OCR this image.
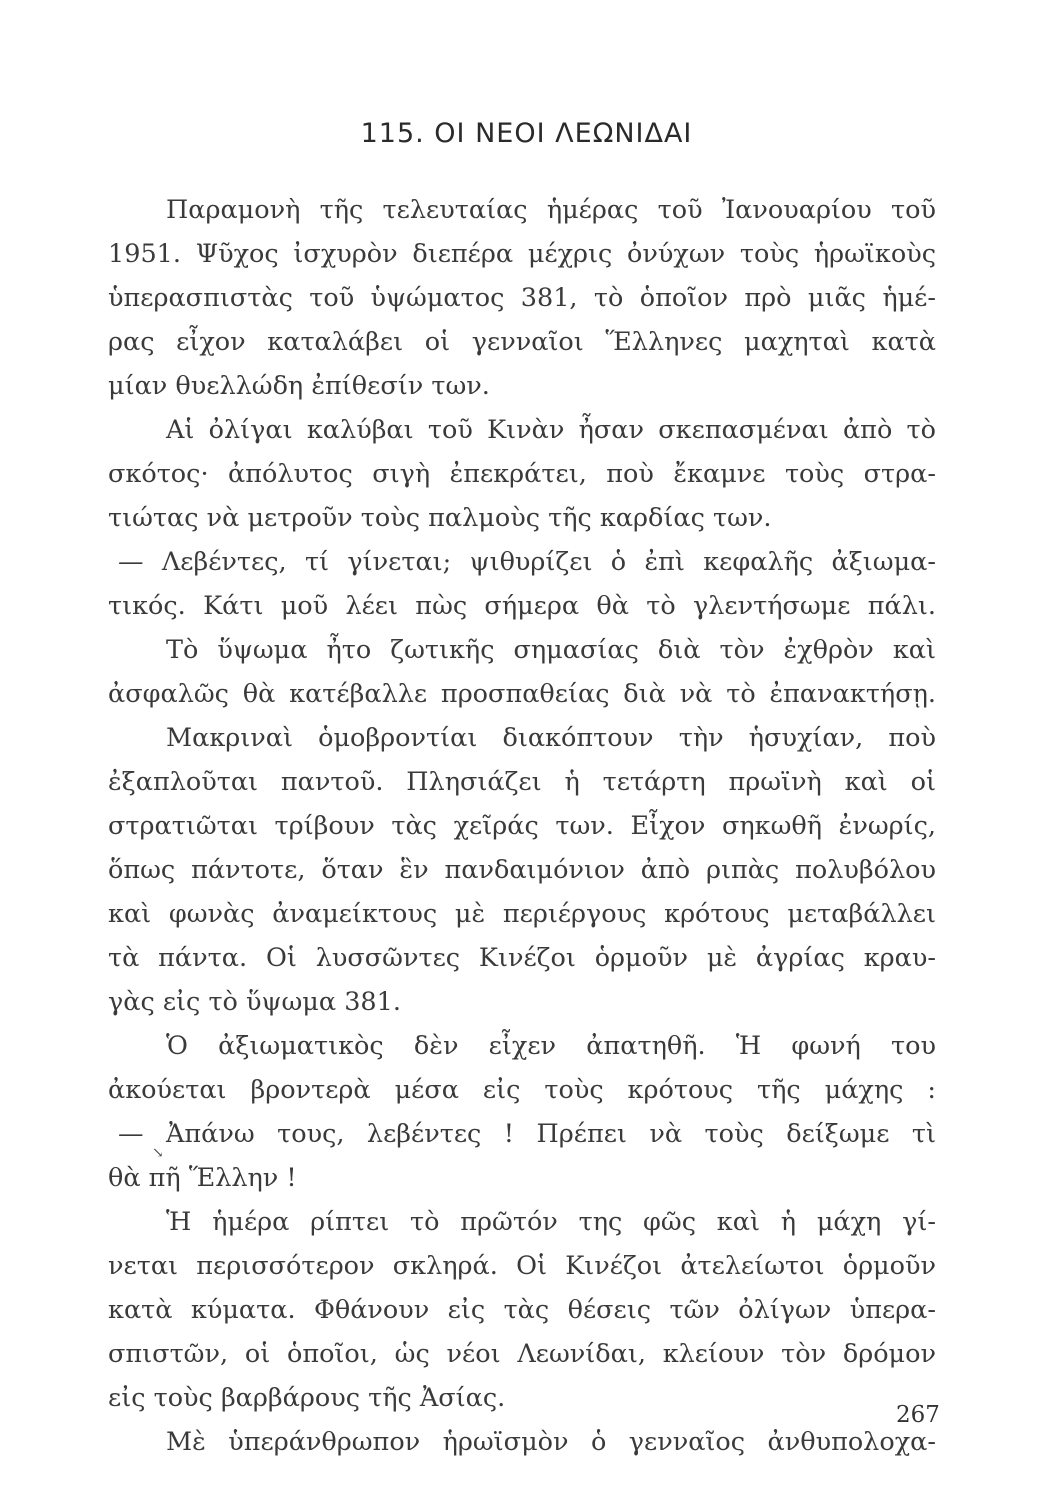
115. ΟΙ ΝΕΟΙ ΛΕΩΝΙΔΑΙ
Παραμονὴ τῆς τελευταίας ἡμέρας τοῦ Ἰανουαρίου τοῦ
1951. Ψῦχος ἰσχυρὸν διεπέρα μέχρις ὀνύχων τοὺς ἡρωϊκοὺς
ὑπερασπιστὰς τοῦ ὑψώματος 381, τὸ ὁποῖον πρὸ μιᾶς ἡμέ-
ρας εἶχον καταλάβει οἱ γενναῖοι Ἕλληνες μαχηταὶ κατὰ
μίαν θυελλώδη ἐπίθεσίν των.
Αἱ ὀλίγαι καλύβαι τοῦ Κινὰν ἦσαν σκεπασμέναι ἀπὸ τὸ
σκότος· ἀπόλυτος σιγὴ ἐπεκράτει, ποὺ ἔκαμνε τοὺς στρα-
τιώτας νὰ μετροῦν τοὺς παλμοὺς τῆς καρδίας των.
— Λεβέντες, τί γίνεται; ψιθυρίζει ὁ ἐπὶ κεφαλῆς ἀξιωμα-
τικός. Κάτι μοῦ λέει πὼς σήμερα θὰ τὸ γλεντήσωμε πάλι.
Τὸ ὕψωμα ἦτο ζωτικῆς σημασίας διὰ τὸν ἐχθρὸν καὶ
ἀσφαλῶς θὰ κατέβαλλε προσπαθείας διὰ νὰ τὸ ἐπανακτήσῃ.
Μακριναὶ ὁμοβροντίαι διακόπτουν τὴν ἡσυχίαν, ποὺ
ἐξαπλοῦται παντοῦ. Πλησιάζει ἡ τετάρτη πρωϊνὴ καὶ οἱ
στρατιῶται τρίβουν τὰς χεῖράς των. Εἶχον σηκωθῆ ἐνωρίς,
ὅπως πάντοτε, ὅταν ἓν πανδαιμόνιον ἀπὸ ριπὰς πολυβόλου
καὶ φωνὰς ἀναμείκτους μὲ περιέργους κρότους μεταβάλλει
τὰ πάντα. Οἱ λυσσῶντες Κινέζοι ὁρμοῦν μὲ ἀγρίας κραυ-
γὰς εἰς τὸ ὕψωμα 381.
Ὁ ἀξιωματικὸς δὲν εἶχεν ἀπατηθῆ. Ἡ φωνή του
ἀκούεται βροντερὰ μέσα εἰς τοὺς κρότους τῆς μάχης :
— Ἀπάνω τους, λεβέντες ! Πρέπει νὰ τοὺς δείξωμε τὶ
θὰ πῆ Ἕλλην !
Ἡ ἡμέρα ρίπτει τὸ πρῶτόν της φῶς καὶ ἡ μάχη γί-
νεται περισσότερον σκληρά. Οἱ Κινέζοι ἀτελείωτοι ὁρμοῦν
κατὰ κύματα. Φθάνουν εἰς τὰς θέσεις τῶν ὀλίγων ὑπερα-
σπιστῶν, οἱ ὁποῖοι, ὡς νέοι Λεωνίδαι, κλείουν τὸν δρόμον
εἰς τοὺς βαρβάρους τῆς Ἀσίας.
Μὲ ὑπεράνθρωπον ἡρωϊσμὸν ὁ γενναῖος ἀνθυπολοχα-
↘
267
